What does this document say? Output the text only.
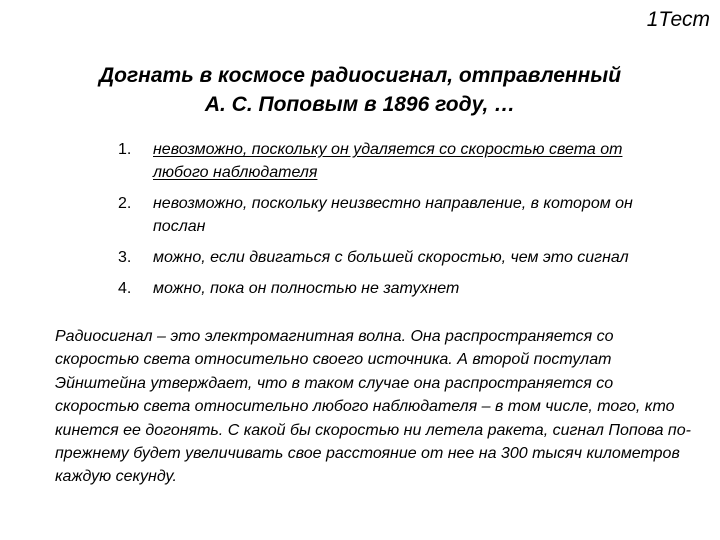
1Тест
Догнать в космосе радиосигнал, отправленный
А. С. Поповым в 1896 году, …
1.	невозможно, поскольку он удаляется со скоростью света от любого наблюдателя
2.	невозможно, поскольку неизвестно направление, в котором он послан
3.	можно, если двигаться с большей скоростью, чем это сигнал
4.	можно, пока он полностью не затухнет

Радиосигнал – это электромагнитная волна. Она распространяется со скоростью света относительно своего источника. А второй постулат Эйнштейна утверждает, что в таком случае она распространяется со скоростью света относительно любого наблюдателя – в том числе, того, кто кинется ее догонять. С какой бы скоростью ни летела ракета, сигнал Попова по-прежнему будет увеличивать свое расстояние от нее на 300 тысяч километров каждую секунду.
